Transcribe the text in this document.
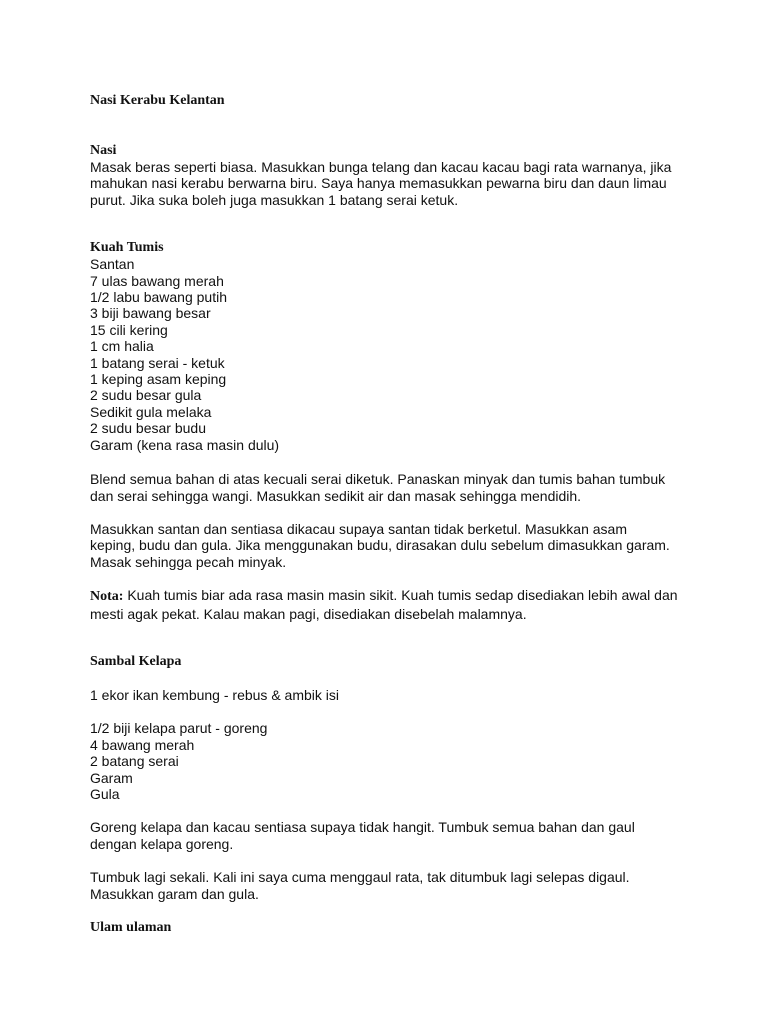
Nasi Kerabu Kelantan
Nasi

Masak beras seperti biasa. Masukkan bunga telang dan kacau kacau bagi rata warnanya, jika mahukan nasi kerabu berwarna biru. Saya hanya memasukkan pewarna biru dan daun limau purut. Jika suka boleh juga masukkan 1 batang serai ketuk.

Kuah Tumis
Santan
7 ulas bawang merah
1/2 labu bawang putih
3 biji bawang besar
15 cili kering
1 cm halia
1 batang serai - ketuk
1 keping asam keping
2 sudu besar gula
Sedikit gula melaka
2 sudu besar budu
Garam (kena rasa masin dulu)

Blend semua bahan di atas kecuali serai diketuk. Panaskan minyak dan tumis bahan tumbuk dan serai sehingga wangi. Masukkan sedikit air dan masak sehingga mendidih.

Masukkan santan dan sentiasa dikacau supaya santan tidak berketul. Masukkan asam keping, budu dan gula. Jika menggunakan budu, dirasakan dulu sebelum dimasukkan garam. Masak sehingga pecah minyak.

Nota: Kuah tumis biar ada rasa masin masin sikit. Kuah tumis sedap disediakan lebih awal dan mesti agak pekat. Kalau makan pagi, disediakan disebelah malamnya.

Sambal Kelapa

1 ekor ikan kembung - rebus & ambik isi

1/2 biji kelapa parut - goreng
4 bawang merah
2 batang serai
Garam
Gula

Goreng kelapa dan kacau sentiasa supaya tidak hangit. Tumbuk semua bahan dan gaul dengan kelapa goreng.

Tumbuk lagi sekali. Kali ini saya cuma menggaul rata, tak ditumbuk lagi selepas digaul. Masukkan garam dan gula.

Ulam ulaman
